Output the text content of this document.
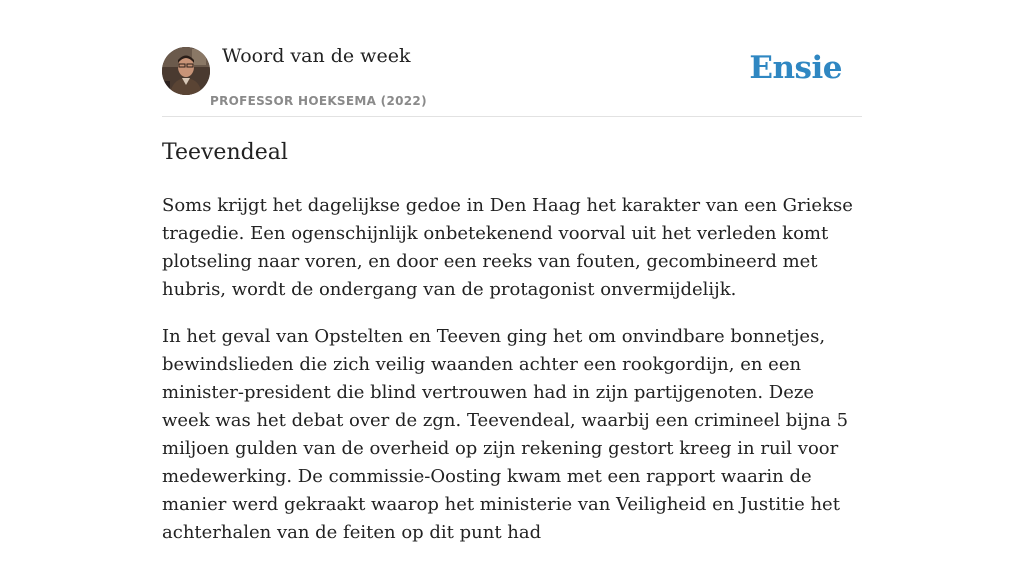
Woord van de week
PROFESSOR HOEKSEMA (2022)
Ensie
Teevendeal

Soms krijgt het dagelijkse gedoe in Den Haag het karakter van een Griekse tragedie. Een ogenschijnlijk onbetekenend voorval uit het verleden komt plotseling naar voren, en door een reeks van fouten, gecombineerd met hubris, wordt de ondergang van de protagonist onvermijdelijk.

In het geval van Opstelten en Teeven ging het om onvindbare bonnetjes, bewindslieden die zich veilig waanden achter een rookgordijn, en een minister-president die blind vertrouwen had in zijn partijgenoten. Deze week was het debat over de zgn. Teevendeal, waarbij een crimineel bijna 5 miljoen gulden van de overheid op zijn rekening gestort kreeg in ruil voor medewerking. De commissie-Oosting kwam met een rapport waarin de manier werd gekraakt waarop het ministerie van Veiligheid en Justitie het achterhalen van de feiten op dit punt had
